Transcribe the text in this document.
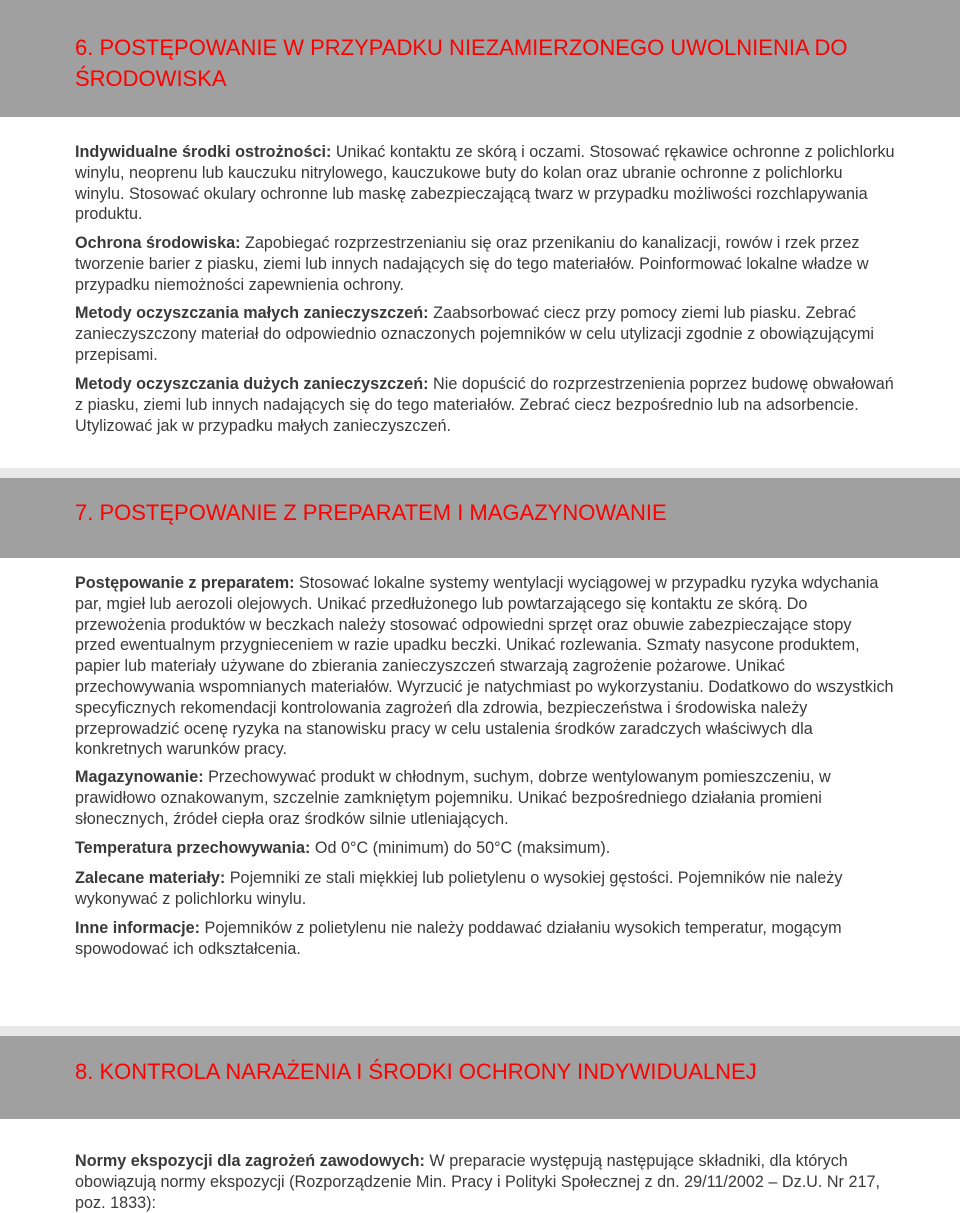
6. POSTĘPOWANIE W PRZYPADKU NIEZAMIERZONEGO UWOLNIENIA DO ŚRODOWISKA

Indywidualne środki ostrożności: Unikać kontaktu ze skórą i oczami. Stosować rękawice ochronne z polichlorku winylu, neoprenu lub kauczuku nitrylowego, kauczukowe buty do kolan oraz ubranie ochronne z polichlorku winylu. Stosować okulary ochronne lub maskę zabezpieczającą twarz w przypadku możliwości rozchlapywania produktu.

Ochrona środowiska: Zapobiegać rozprzestrzenianiu się oraz przenikaniu do kanalizacji, rowów i rzek przez tworzenie barier z piasku, ziemi lub innych nadających się do tego materiałów. Poinformować lokalne władze w przypadku niemożności zapewnienia ochrony.

Metody oczyszczania małych zanieczyszczeń: Zaabsorbować ciecz przy pomocy ziemi lub piasku. Zebrać zanieczyszczony materiał do odpowiednio oznaczonych pojemników w celu utylizacji zgodnie z obowiązującymi przepisami.

Metody oczyszczania dużych zanieczyszczeń: Nie dopuścić do rozprzestrzenienia poprzez budowę obwałowań z piasku, ziemi lub innych nadających się do tego materiałów. Zebrać ciecz bezpośrednio lub na adsorbencie. Utylizować jak w przypadku małych zanieczyszczeń.

7. POSTĘPOWANIE Z PREPARATEM I MAGAZYNOWANIE

Postępowanie z preparatem: Stosować lokalne systemy wentylacji wyciągowej w przypadku ryzyka wdychania par, mgieł lub aerozoli olejowych. Unikać przedłużonego lub powtarzającego się kontaktu ze skórą. Do przewożenia produktów w beczkach należy stosować odpowiedni sprzęt oraz obuwie zabezpieczające stopy przed ewentualnym przygnieceniem w razie upadku beczki. Unikać rozlewania. Szmaty nasycone produktem, papier lub materiały używane do zbierania zanieczyszczeń stwarzają zagrożenie pożarowe. Unikać przechowywania wspomnianych materiałów. Wyrzucić je natychmiast po wykorzystaniu. Dodatkowo do wszystkich specyficznych rekomendacji kontrolowania zagrożeń dla zdrowia, bezpieczeństwa i środowiska należy przeprowadzić ocenę ryzyka na stanowisku pracy w celu ustalenia środków zaradczych właściwych dla konkretnych warunków pracy.

Magazynowanie: Przechowywać produkt w chłodnym, suchym, dobrze wentylowanym pomieszczeniu, w prawidłowo oznakowanym, szczelnie zamkniętym pojemniku. Unikać bezpośredniego działania promieni słonecznych, źródeł ciepła oraz środków silnie utleniających.

Temperatura przechowywania: Od 0°C (minimum) do 50°C (maksimum).

Zalecane materiały: Pojemniki ze stali miękkiej lub polietylenu o wysokiej gęstości. Pojemników nie należy wykonywać z polichlorku winylu.

Inne informacje: Pojemników z polietylenu nie należy poddawać działaniu wysokich temperatur, mogącym spowodować ich odkształcenia.

8. KONTROLA NARAŻENIA I ŚRODKI OCHRONY INDYWIDUALNEJ

Normy ekspozycji dla zagrożeń zawodowych: W preparacie występują następujące składniki, dla których obowiązują normy ekspozycji (Rozporządzenie Min. Pracy i Polityki Społecznej z dn. 29/11/2002 – Dz.U. Nr 217, poz. 1833):
